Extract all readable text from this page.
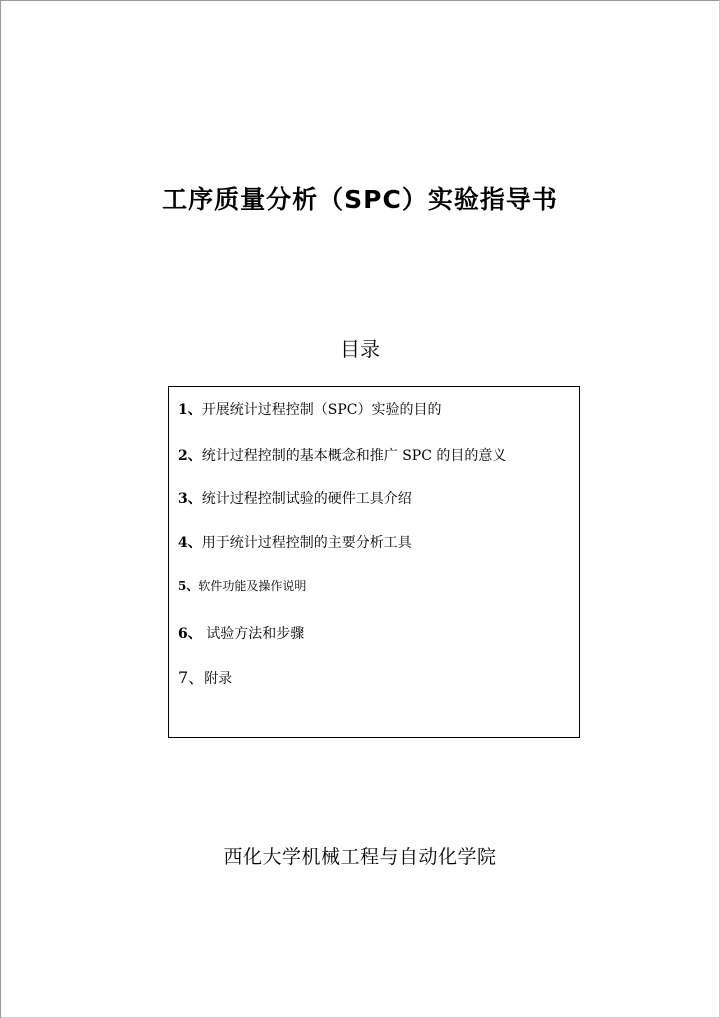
工序质量分析（SPC）实验指导书
目录
1、开展统计过程控制（SPC）实验的目的
2、统计过程控制的基本概念和推广 SPC 的目的意义
3、统计过程控制试验的硬件工具介绍
4、用于统计过程控制的主要分析工具
5、软件功能及操作说明
6、 试验方法和步骤
7、附录
西化大学机械工程与自动化学院
